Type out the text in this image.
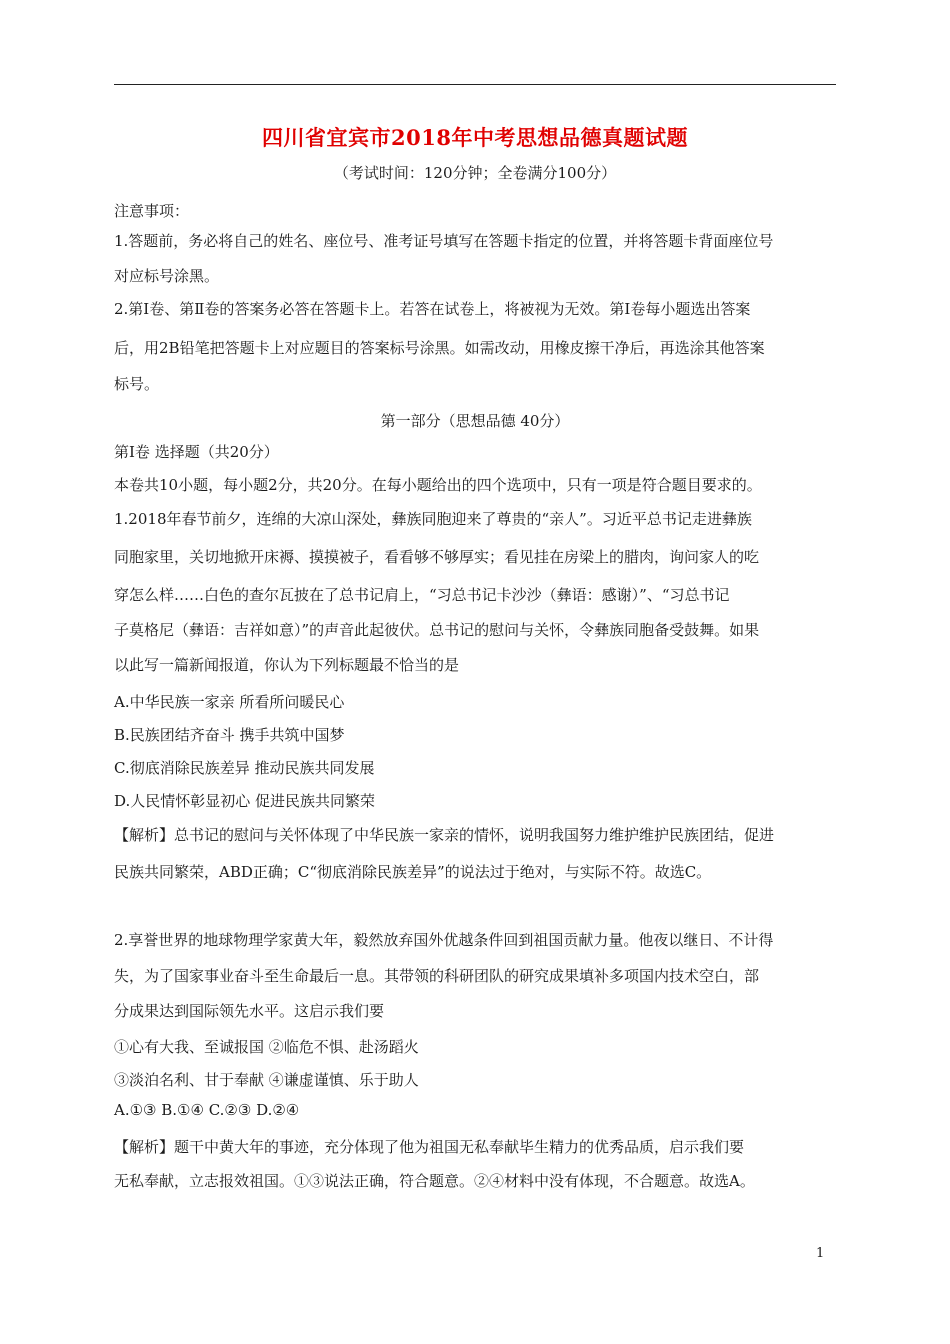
四川省宜宾市2018年中考思想品德真题试题
（考试时间：120分钟；全卷满分100分）
注意事项：
1.答题前，务必将自己的姓名、座位号、准考证号填写在答题卡指定的位置，并将答题卡背面座位号
对应标号涂黑。
2.第Ⅰ卷、第Ⅱ卷的答案务必答在答题卡上。若答在试卷上，将被视为无效。第Ⅰ卷每小题选出答案
后，用2B铅笔把答题卡上对应题目的答案标号涂黑。如需改动，用橡皮擦干净后，再选涂其他答案
标号。
第一部分（思想品德 40分）
第Ⅰ卷 选择题（共20分）
本卷共10小题，每小题2分，共20分。在每小题给出的四个选项中，只有一项是符合题目要求的。
1.2018年春节前夕，连绵的大凉山深处，彝族同胞迎来了尊贵的“亲人”。习近平总书记走进彝族
同胞家里，关切地掀开床褥、摸摸被子，看看够不够厚实；看见挂在房梁上的腊肉，询问家人的吃
穿怎么样……白色的查尔瓦披在了总书记肩上，“习总书记卡沙沙（彝语：感谢）”、“习总书记
子莫格尼（彝语：吉祥如意）”的声音此起彼伏。总书记的慰问与关怀，令彝族同胞备受鼓舞。如果
以此写一篇新闻报道，你认为下列标题最不恰当的是
A.中华民族一家亲 所看所问暖民心
B.民族团结齐奋斗 携手共筑中国梦
C.彻底消除民族差异 推动民族共同发展
D.人民情怀彰显初心 促进民族共同繁荣
【解析】总书记的慰问与关怀体现了中华民族一家亲的情怀，说明我国努力维护维护民族团结，促进
民族共同繁荣，ABD正确；C“彻底消除民族差异”的说法过于绝对，与实际不符。故选C。
2.享誉世界的地球物理学家黄大年，毅然放弃国外优越条件回到祖国贡献力量。他夜以继日、不计得
失，为了国家事业奋斗至生命最后一息。其带领的科研团队的研究成果填补多项国内技术空白，部
分成果达到国际领先水平。这启示我们要
①心有大我、至诚报国 ②临危不惧、赴汤蹈火
③淡泊名利、甘于奉献 ④谦虚谨慎、乐于助人
A.①③ B.①④ C.②③ D.②④
【解析】题干中黄大年的事迹，充分体现了他为祖国无私奉献毕生精力的优秀品质，启示我们要
无私奉献，立志报效祖国。①③说法正确，符合题意。②④材料中没有体现，不合题意。故选A。
1
